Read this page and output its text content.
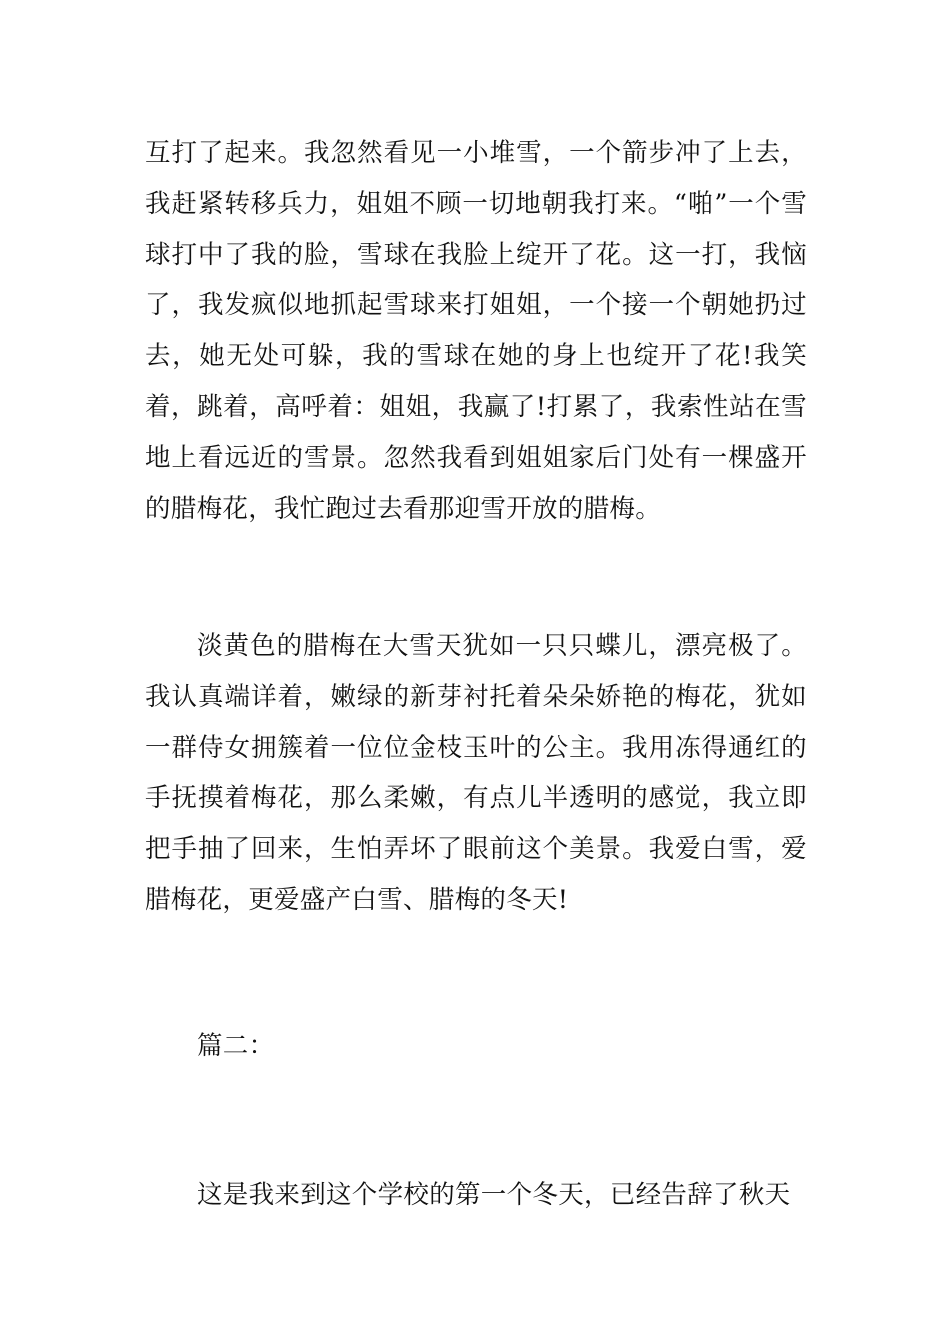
互打了起来。我忽然看见一小堆雪，一个箭步冲了上去，我赶紧转移兵力，姐姐不顾一切地朝我打来。“啪”一个雪球打中了我的脸，雪球在我脸上绽开了花。这一打，我恼了，我发疯似地抓起雪球来打姐姐，一个接一个朝她扔过去，她无处可躲，我的雪球在她的身上也绽开了花!我笑着，跳着，高呼着：姐姐，我赢了!打累了，我索性站在雪地上看远近的雪景。忽然我看到姐姐家后门处有一棵盛开的腊梅花，我忙跑过去看那迎雪开放的腊梅。

淡黄色的腊梅在大雪天犹如一只只蝶儿，漂亮极了。我认真端详着，嫩绿的新芽衬托着朵朵娇艳的梅花，犹如一群侍女拥簇着一位位金枝玉叶的公主。我用冻得通红的手抚摸着梅花，那么柔嫩，有点儿半透明的感觉，我立即把手抽了回来，生怕弄坏了眼前这个美景。我爱白雪，爱腊梅花，更爱盛产白雪、腊梅的冬天!

篇二：

这是我来到这个学校的第一个冬天，已经告辞了秋天
